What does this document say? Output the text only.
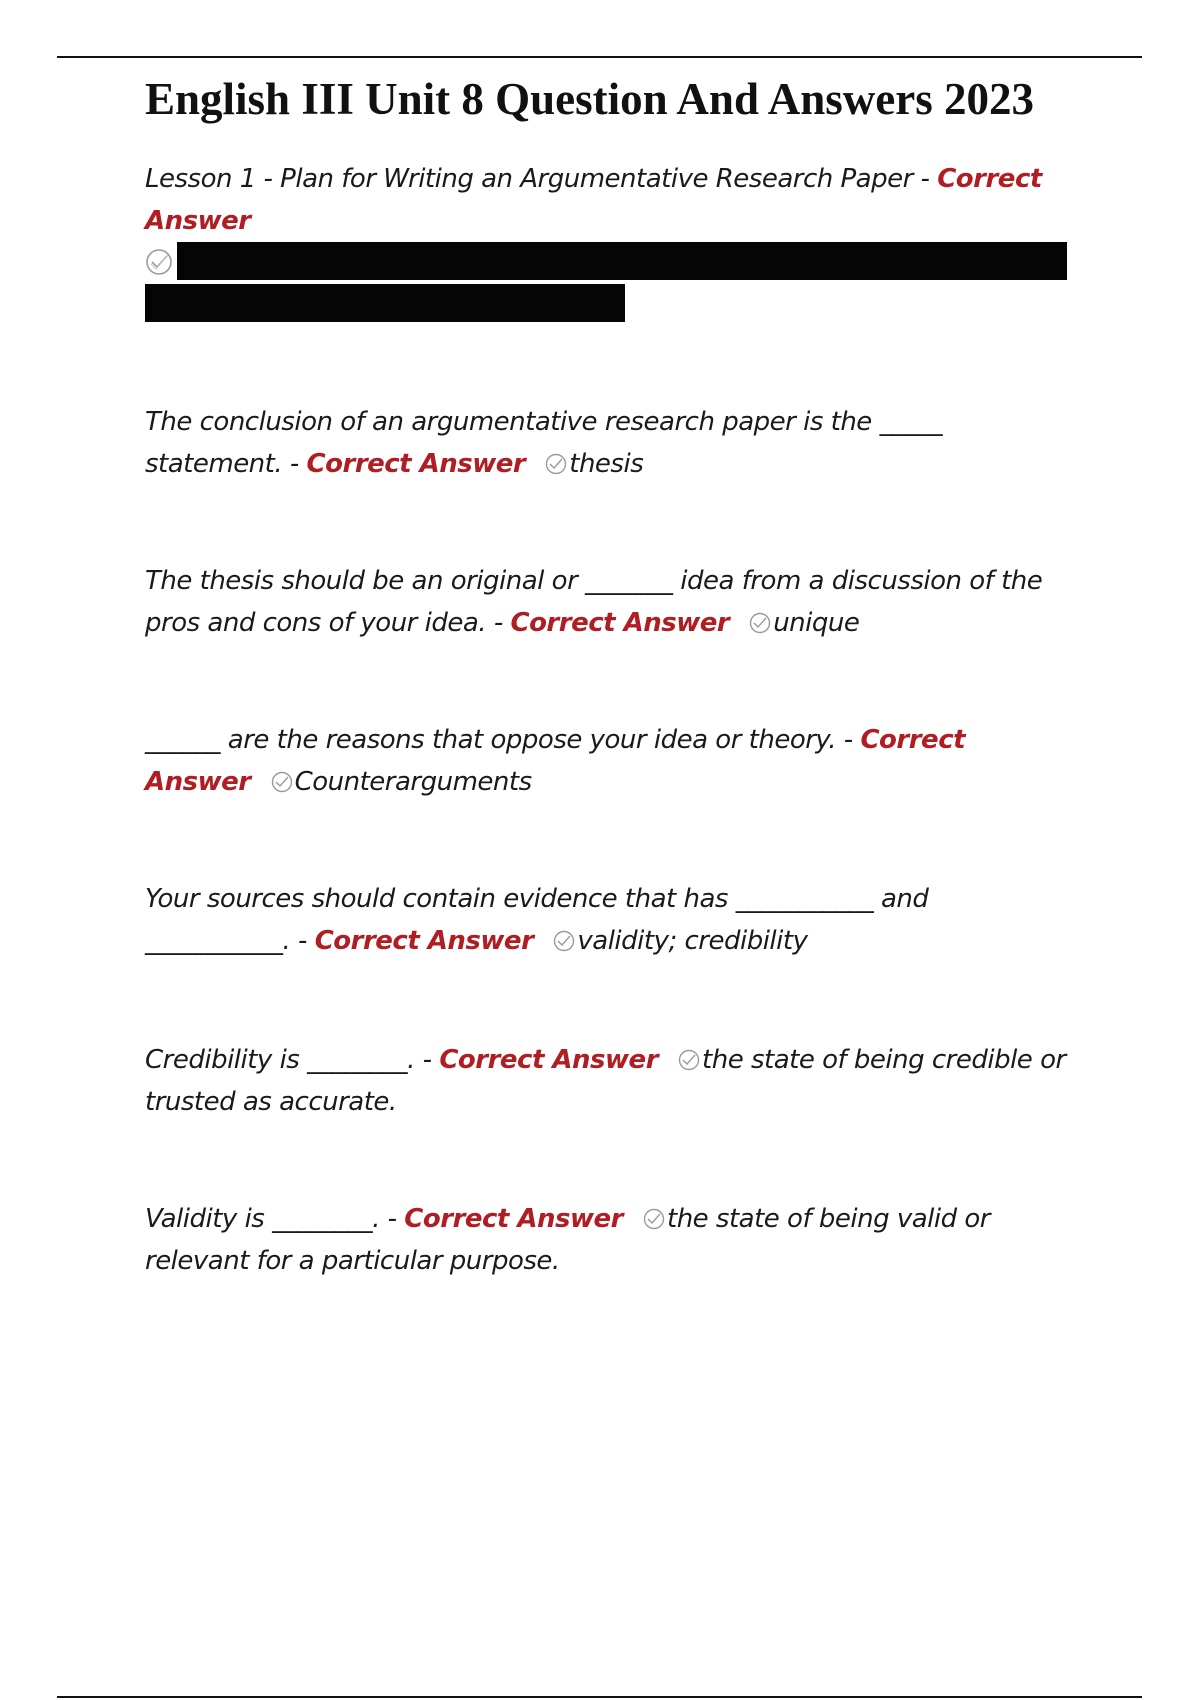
English III Unit 8 Question And Answers 2023
Lesson 1 - Plan for Writing an Argumentative Research Paper - Correct Answer

The conclusion of an argumentative research paper is the _____ statement. - Correct Answer thesis

The thesis should be an original or _______ idea from a discussion of the pros and cons of your idea. - Correct Answer unique

______ are the reasons that oppose your idea or theory. - Correct Answer Counterarguments

Your sources should contain evidence that has ___________ and ___________. - Correct Answer validity; credibility

Credibility is ________. - Correct Answer the state of being credible or trusted as accurate.

Validity is ________. - Correct Answer the state of being valid or relevant for a particular purpose.
